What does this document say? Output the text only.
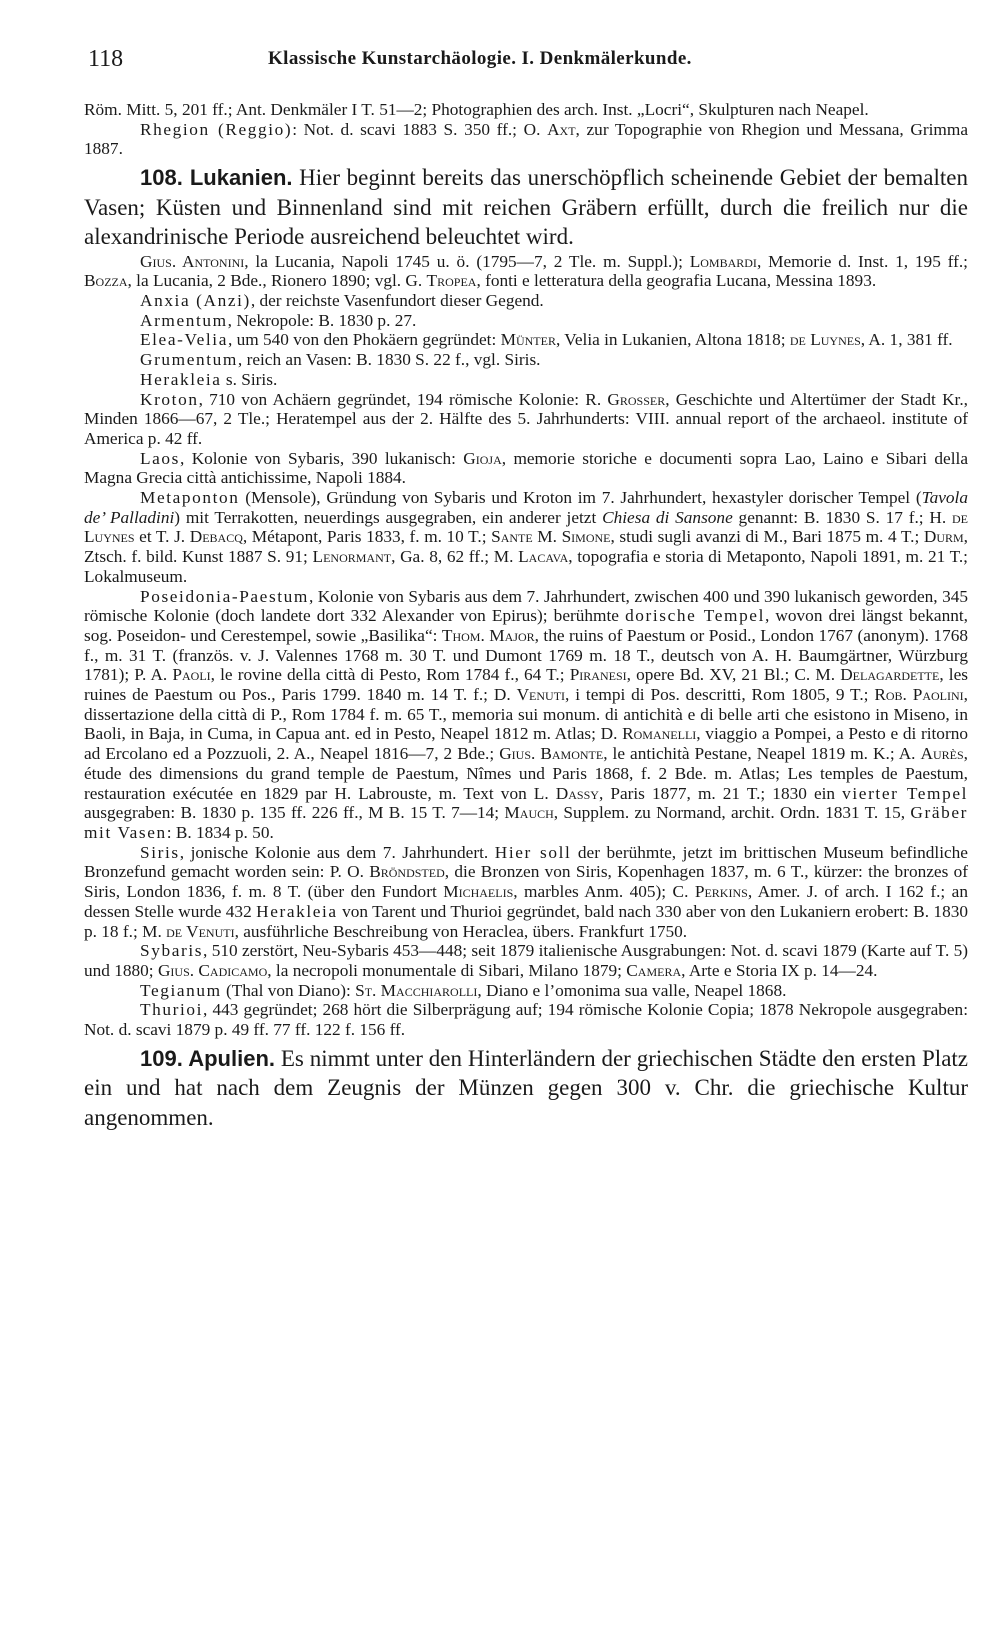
118	Klassische Kunstarchäologie. I. Denkmälerkunde.

Röm. Mitt. 5, 201 ff.; Ant. Denkmäler I T. 51—2; Photographien des arch. Inst. „Locri“, Skulpturen nach Neapel.

Rhegion (Reggio): Not. d. scavi 1883 S. 350 ff.; O. Axt, zur Topographie von Rhegion und Messana, Grimma 1887.

108. Lukanien. Hier beginnt bereits das unerschöpflich scheinende Gebiet der bemalten Vasen; Küsten und Binnenland sind mit reichen Gräbern erfüllt, durch die freilich nur die alexandrinische Periode ausreichend beleuchtet wird.

Gius. Antonini, la Lucania, Napoli 1745 u. ö. (1795—7, 2 Tle. m. Suppl.); Lombardi, Memorie d. Inst. 1, 195 ff.; Bozza, la Lucania, 2 Bde., Rionero 1890; vgl. G. Tropea, fonti e letteratura della geografia Lucana, Messina 1893.

Anxia (Anzi), der reichste Vasenfundort dieser Gegend.

Armentum, Nekropole: B. 1830 p. 27.

Elea-Velia, um 540 von den Phokäern gegründet: Münter, Velia in Lukanien, Altona 1818; de Luynes, A. 1, 381 ff.

Grumentum, reich an Vasen: B. 1830 S. 22 f., vgl. Siris.

Herakleia s. Siris.

Kroton, 710 von Achäern gegründet, 194 römische Kolonie: R. Grosser, Geschichte und Altertümer der Stadt Kr., Minden 1866—67, 2 Tle.; Heratempel aus der 2. Hälfte des 5. Jahrhunderts: VIII. annual report of the archaeol. institute of America p. 42 ff.

Laos, Kolonie von Sybaris, 390 lukanisch: Gioja, memorie storiche e documenti sopra Lao, Laino e Sibari della Magna Grecia città antichissime, Napoli 1884.

Metaponton (Mensole), Gründung von Sybaris und Kroton im 7. Jahrhundert, hexastyler dorischer Tempel (Tavola de’ Palladini) mit Terrakotten, neuerdings ausgegraben, ein anderer jetzt Chiesa di Sansone genannt: B. 1830 S. 17 f.; H. de Luynes et T. J. Debacq, Métapont, Paris 1833, f. m. 10 T.; Sante M. Simone, studi sugli avanzi di M., Bari 1875 m. 4 T.; Durm, Ztsch. f. bild. Kunst 1887 S. 91; Lenormant, Ga. 8, 62 ff.; M. Lacava, topografia e storia di Metaponto, Napoli 1891, m. 21 T.; Lokalmuseum.

Poseidonia-Paestum, Kolonie von Sybaris aus dem 7. Jahrhundert, zwischen 400 und 390 lukanisch geworden, 345 römische Kolonie (doch landete dort 332 Alexander von Epirus); berühmte dorische Tempel, wovon drei längst bekannt, sog. Poseidon- und Cerestempel, sowie „Basilika“: Thom. Major, the ruins of Paestum or Posid., London 1767 (anonym). 1768 f., m. 31 T. (französ. v. J. Valennes 1768 m. 30 T. und Dumont 1769 m. 18 T., deutsch von A. H. Baumgärtner, Würzburg 1781); P. A. Paoli, le rovine della città di Pesto, Rom 1784 f., 64 T.; Piranesi, opere Bd. XV, 21 Bl.; C. M. Delagardette, les ruines de Paestum ou Pos., Paris 1799. 1840 m. 14 T. f.; D. Venuti, i tempi di Pos. descritti, Rom 1805, 9 T.; Rob. Paolini, dissertazione della città di P., Rom 1784 f. m. 65 T., memoria sui monum. di antichità e di belle arti che esistono in Miseno, in Baoli, in Baja, in Cuma, in Capua ant. ed in Pesto, Neapel 1812 m. Atlas; D. Romanelli, viaggio a Pompei, a Pesto e di ritorno ad Ercolano ed a Pozzuoli, 2. A., Neapel 1816—7, 2 Bde.; Gius. Bamonte, le antichità Pestane, Neapel 1819 m. K.; A. Aurès, étude des dimensions du grand temple de Paestum, Nîmes und Paris 1868, f. 2 Bde. m. Atlas; Les temples de Paestum, restauration exécutée en 1829 par H. Labrouste, m. Text von L. Dassy, Paris 1877, m. 21 T.; 1830 ein vierter Tempel ausgegraben: B. 1830 p. 135 ff. 226 ff., M B. 15 T. 7—14; Mauch, Supplem. zu Normand, archit. Ordn. 1831 T. 15, Gräber mit Vasen: B. 1834 p. 50.

Siris, jonische Kolonie aus dem 7. Jahrhundert. Hier soll der berühmte, jetzt im brittischen Museum befindliche Bronzefund gemacht worden sein: P. O. Bröndsted, die Bronzen von Siris, Kopenhagen 1837, m. 6 T., kürzer: the bronzes of Siris, London 1836, f. m. 8 T. (über den Fundort Michaelis, marbles Anm. 405); C. Perkins, Amer. J. of arch. I 162 f.; an dessen Stelle wurde 432 Herakleia von Tarent und Thurioi gegründet, bald nach 330 aber von den Lukaniern erobert: B. 1830 p. 18 f.; M. de Venuti, ausführliche Beschreibung von Heraclea, übers. Frankfurt 1750.

Sybaris, 510 zerstört, Neu-Sybaris 453—448; seit 1879 italienische Ausgrabungen: Not. d. scavi 1879 (Karte auf T. 5) und 1880; Gius. Cadicamo, la necropoli monumentale di Sibari, Milano 1879; Camera, Arte e Storia IX p. 14—24.

Tegianum (Thal von Diano): St. Macchiarolli, Diano e l’omonima sua valle, Neapel 1868.

Thurioi, 443 gegründet; 268 hört die Silberprägung auf; 194 römische Kolonie Copia; 1878 Nekropole ausgegraben: Not. d. scavi 1879 p. 49 ff. 77 ff. 122 f. 156 ff.

109. Apulien. Es nimmt unter den Hinterländern der griechischen Städte den ersten Platz ein und hat nach dem Zeugnis der Münzen gegen 300 v. Chr. die griechische Kultur angenommen.
